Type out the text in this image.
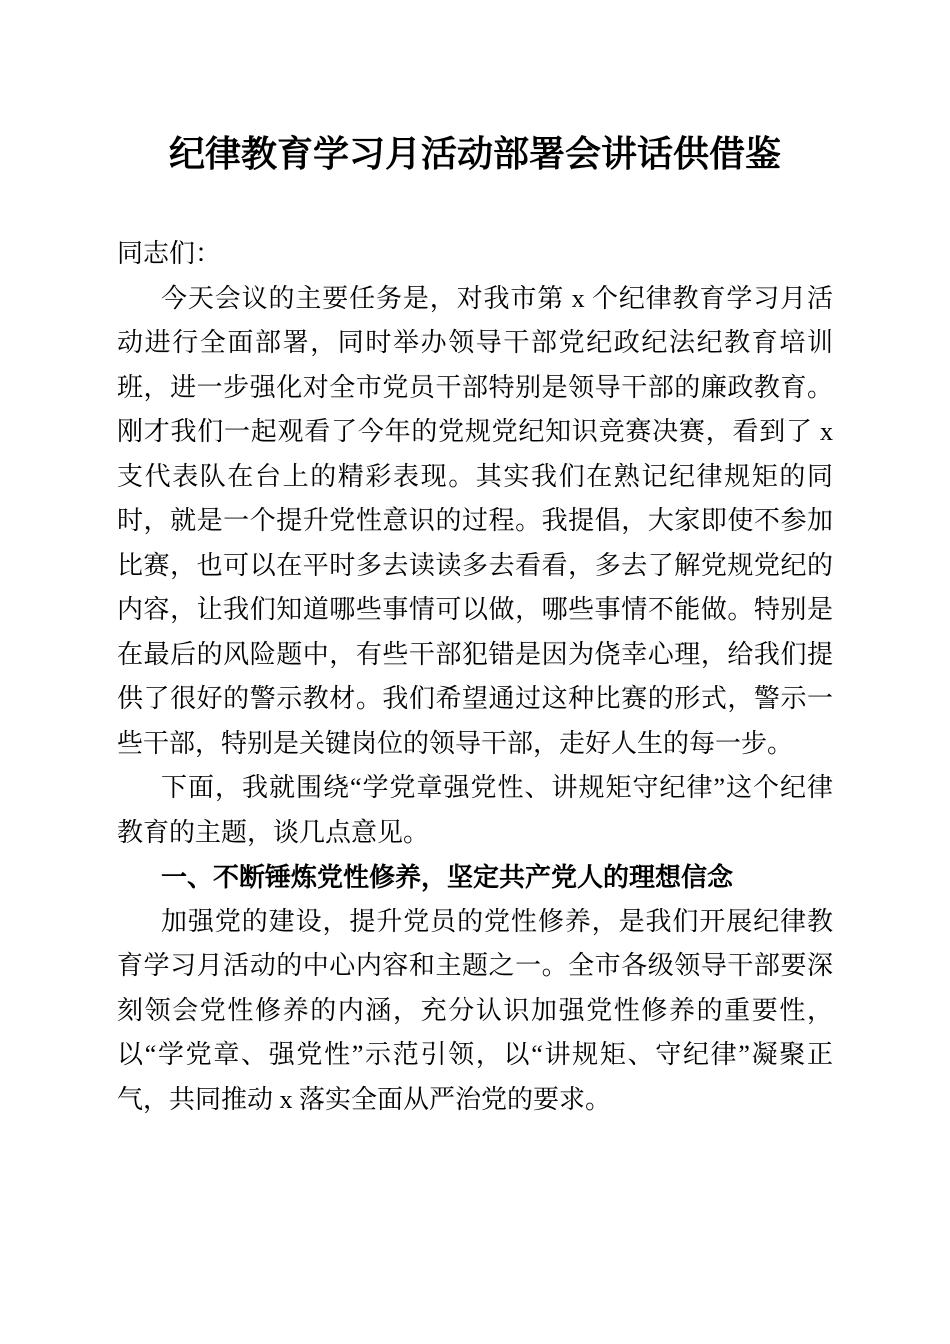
纪律教育学习月活动部署会讲话供借鉴

同志们：

今天会议的主要任务是，对我市第 x 个纪律教育学习月活动进行全面部署，同时举办领导干部党纪政纪法纪教育培训班，进一步强化对全市党员干部特别是领导干部的廉政教育。刚才我们一起观看了今年的党规党纪知识竞赛决赛，看到了 x 支代表队在台上的精彩表现。其实我们在熟记纪律规矩的同时，就是一个提升党性意识的过程。我提倡，大家即使不参加比赛，也可以在平时多去读读多去看看，多去了解党规党纪的内容，让我们知道哪些事情可以做，哪些事情不能做。特别是在最后的风险题中，有些干部犯错是因为侥幸心理，给我们提供了很好的警示教材。我们希望通过这种比赛的形式，警示一些干部，特别是关键岗位的领导干部，走好人生的每一步。

下面，我就围绕“学党章强党性、讲规矩守纪律”这个纪律教育的主题，谈几点意见。

一、不断锤炼党性修养，坚定共产党人的理想信念

加强党的建设，提升党员的党性修养，是我们开展纪律教育学习月活动的中心内容和主题之一。全市各级领导干部要深刻领会党性修养的内涵，充分认识加强党性修养的重要性，以“学党章、强党性”示范引领，以“讲规矩、守纪律”凝聚正气，共同推动 x 落实全面从严治党的要求。
